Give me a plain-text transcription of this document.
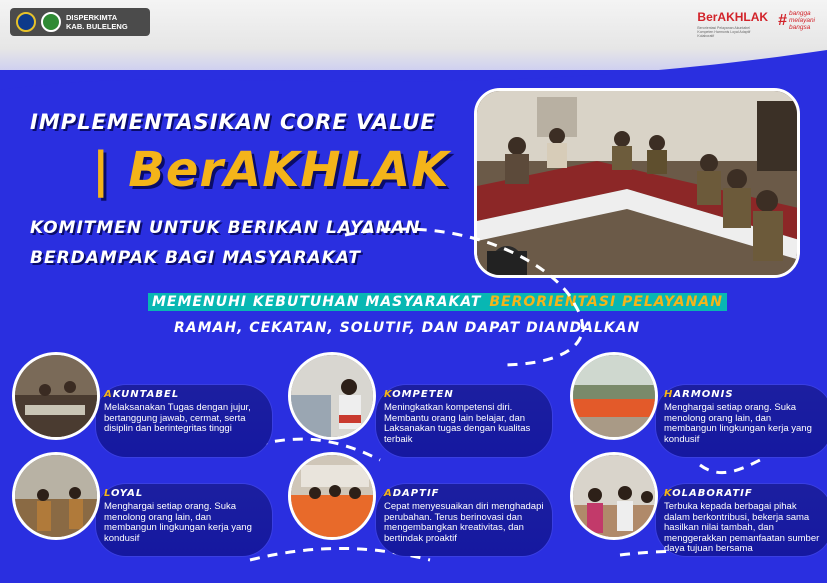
DISPERKIMTA
KAB. BULELENG
BerAKHLAK
Berorientasi Pelayanan Akuntabel Kompeten Harmonis Loyal Adaptif Kolaboratif
# bangga
melayani
bangsa
IMPLEMENTASIKAN CORE VALUE
| BerAKHLAK
KOMITMEN UNTUK BERIKAN LAYANAN
BERDAMPAK BAGI MASYARAKAT
MEMENUHI KEBUTUHAN MASYARAKAT BERORIENTASI PELAYANAN
RAMAH, CEKATAN, SOLUTIF, DAN DAPAT DIANDALKAN
AKUNTABEL
Melaksanakan Tugas dengan jujur, bertanggung jawab, cermat, serta disiplin dan berintegritas tinggi
KOMPETEN
Meningkatkan kompetensi diri. Membantu orang lain belajar, dan Laksanakan tugas dengan kualitas terbaik
HARMONIS
Menghargai setiap orang. Suka menolong orang lain, dan membangun lingkungan kerja yang kondusif
LOYAL
Menghargai setiap orang. Suka menolong orang lain, dan membangun lingkungan kerja yang kondusif
ADAPTIF
Cepat menyesuaikan diri menghadapi perubahan. Terus berinovasi dan mengembangkan kreativitas, dan bertindak proaktif
KOLABORATIF
Terbuka kepada berbagai pihak dalam berkontribusi, bekerja sama hasilkan nilai tambah, dan menggerakkan pemanfaatan sumber daya tujuan bersama
